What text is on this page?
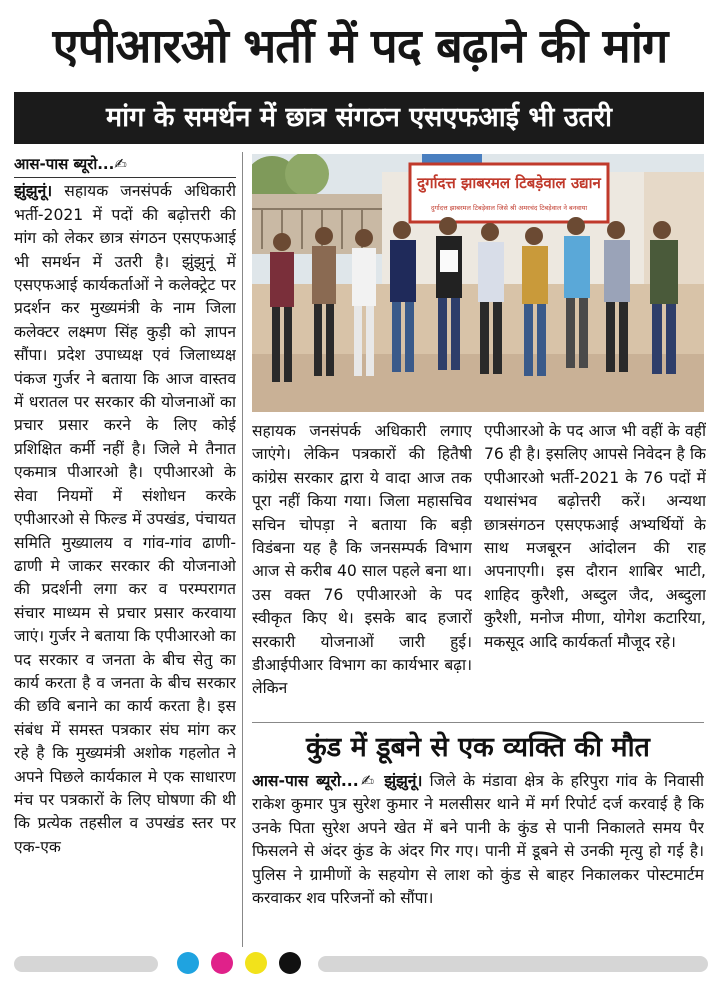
एपीआरओ भर्ती में पद बढ़ाने की मांग
मांग के समर्थन में छात्र संगठन एसएफआई भी उतरी
आस-पास ब्यूरो...✍
झुंझुनूं। सहायक जनसंपर्क अधिकारी भर्ती-2021 में पदों की बढ़ोत्तरी की मांग को लेकर छात्र संगठन एसएफआई भी समर्थन में उतरी है। झुंझुनूं में एसएफआई कार्यकर्ताओं ने कलेक्ट्रेट पर प्रदर्शन कर मुख्यमंत्री के नाम जिला कलेक्टर लक्ष्मण सिंह कुड़ी को ज्ञापन सौंपा। प्रदेश उपाध्यक्ष एवं जिलाध्यक्ष पंकज गुर्जर ने बताया कि आज वास्तव में धरातल पर सरकार की योजनाओं का प्रचार प्रसार करने के लिए कोई प्रशिक्षित कर्मी नहीं है। जिले मे तैनात एकमात्र पीआरओ है। एपीआरओ के सेवा नियमों में संशोधन करके एपीआरओ से फिल्ड में उपखंड, पंचायत समिति मुख्यालय व गांव-गांव ढाणी-ढाणी मे जाकर सरकार की योजनाओ की प्रदर्शनी लगा कर व परम्परागत संचार माध्यम से प्रचार प्रसार करवाया जाएं। गुर्जर ने बताया कि एपीआरओ का पद सरकार व जनता के बीच सेतु का कार्य करता है व जनता के बीच सरकार की छवि बनाने का कार्य करता है। इस संबंध में समस्त पत्रकार संघ मांग कर रहे है कि मुख्यमंत्री अशोक गहलोत ने अपने पिछले कार्यकाल मे एक साधारण मंच पर पत्रकारों के लिए घोषणा की थी कि प्रत्येक तहसील व उपखंड स्तर पर एक-एक
दुर्गादत्त झाबरमल टिबड़ेवाल उद्यान
दुर्गादत्त झाबरमल टिबड़ेवाल जिसे श्री अमरचंद टिबड़ेवाल ने बनवाया
सहायक जनसंपर्क अधिकारी लगाए जाएंगे। लेकिन पत्रकारों की हितैषी कांग्रेस सरकार द्वारा ये वादा आज तक पूरा नहीं किया गया। जिला महासचिव सचिन चोपड़ा ने बताया कि बड़ी विडंबना यह है कि जनसम्पर्क विभाग आज से करीब 40 साल पहले बना था। उस वक्त 76 एपीआरओ के पद स्वीकृत किए थे। इसके बाद हजारों सरकारी योजनाओं जारी हुई। डीआईपीआर विभाग का कार्यभार बढ़ा। लेकिन
एपीआरओ के पद आज भी वहीं के वहीं 76 ही है। इसलिए आपसे निवेदन है कि एपीआरओ भर्ती-2021 के 76 पदों में यथासंभव बढ़ोत्तरी करें। अन्यथा छात्रसंगठन एसएफआई अभ्यर्थियों के साथ मजबूरन आंदोलन की राह अपनाएगी। इस दौरान शाबिर भाटी, शाहिद कुरैशी, अब्दुल जैद, अब्दुला कुरैशी, मनोज मीणा, योगेश कटारिया, मकसूद आदि कार्यकर्ता मौजूद रहे।
कुंड में डूबने से एक व्यक्ति की मौत
आस-पास ब्यूरो...✍ झुंझुनूं। जिले के मंडावा क्षेत्र के हरिपुरा गांव के निवासी राकेश कुमार पुत्र सुरेश कुमार ने मलसीसर थाने में मर्ग रिपोर्ट दर्ज करवाई है कि उनके पिता सुरेश अपने खेत में बने पानी के कुंड से पानी निकालते समय पैर फिसलने से अंदर कुंड के अंदर गिर गए। पानी में डूबने से उनकी मृत्यु हो गई है। पुलिस ने ग्रामीणों के सहयोग से लाश को कुंड से बाहर निकालकर पोस्टमार्टम करवाकर शव परिजनों को सौंपा।
